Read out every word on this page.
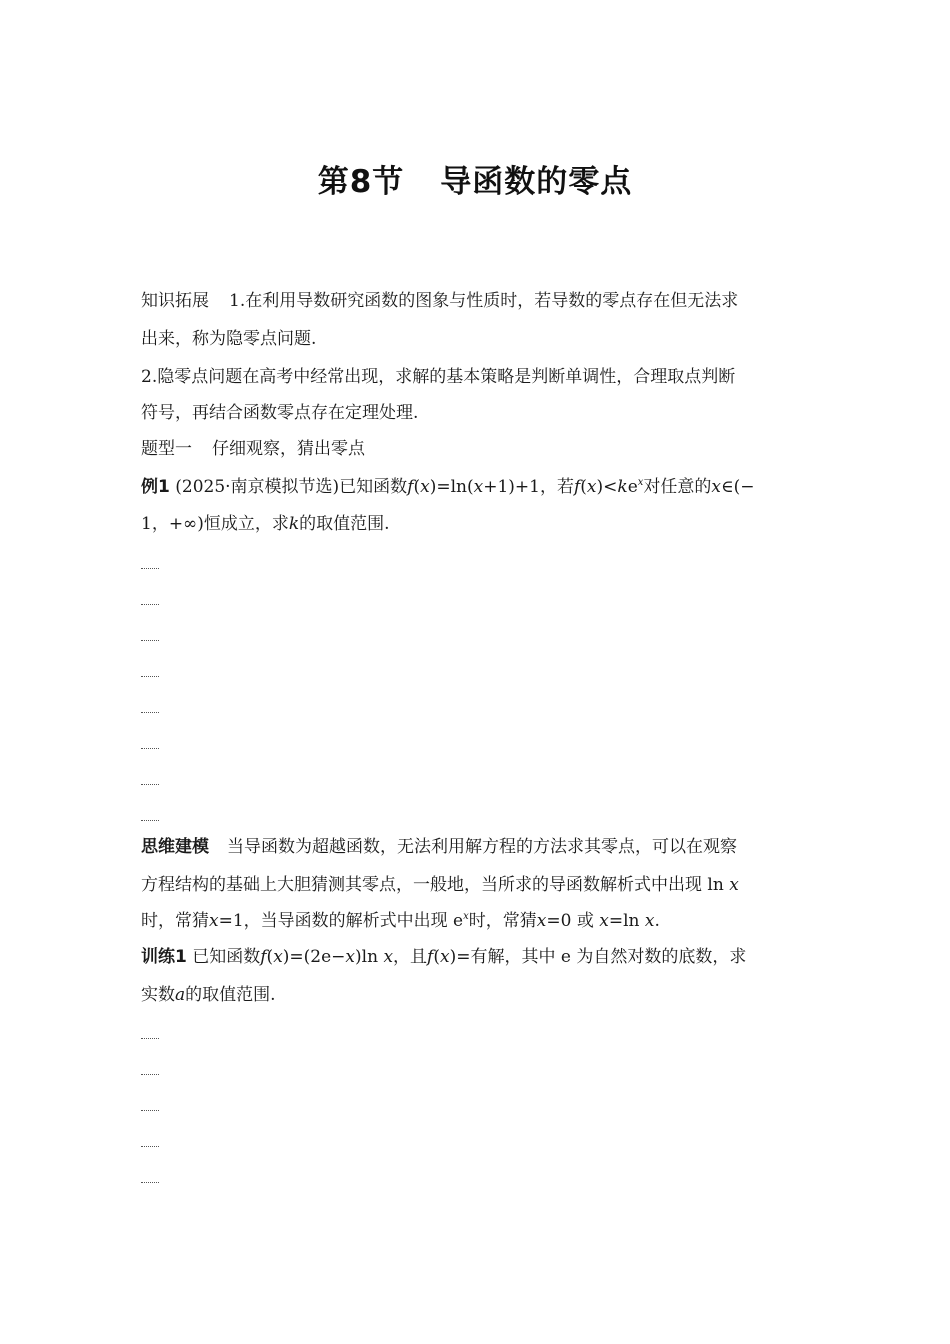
第8节 导函数的零点
知识拓展 1.在利用导数研究函数的图象与性质时，若导数的零点存在但无法求
出来，称为隐零点问题.
2.隐零点问题在高考中经常出现，求解的基本策略是判断单调性，合理取点判断
符号，再结合函数零点存在定理处理.
题型一 仔细观察，猜出零点
例1 (2025·南京模拟节选)已知函数f(x)=ln(x+1)+1，若$f(x)<ke^x$对任意的x∈(−
1，+∞)恒成立，求k的取值范围.
思维建模 当导函数为超越函数，无法利用解方程的方法求其零点，可以在观察
方程结构的基础上大胆猜测其零点，一般地，当所求的导函数解析式中出现 ln x
时，常猜x=1，当导函数的解析式中出现 $e^x$时，常猜x=0 或 x=ln x.
训练1 已知函数f(x)=(2e−x)ln x，且f(x)=有解，其中 e 为自然对数的底数，求
实数a的取值范围.
